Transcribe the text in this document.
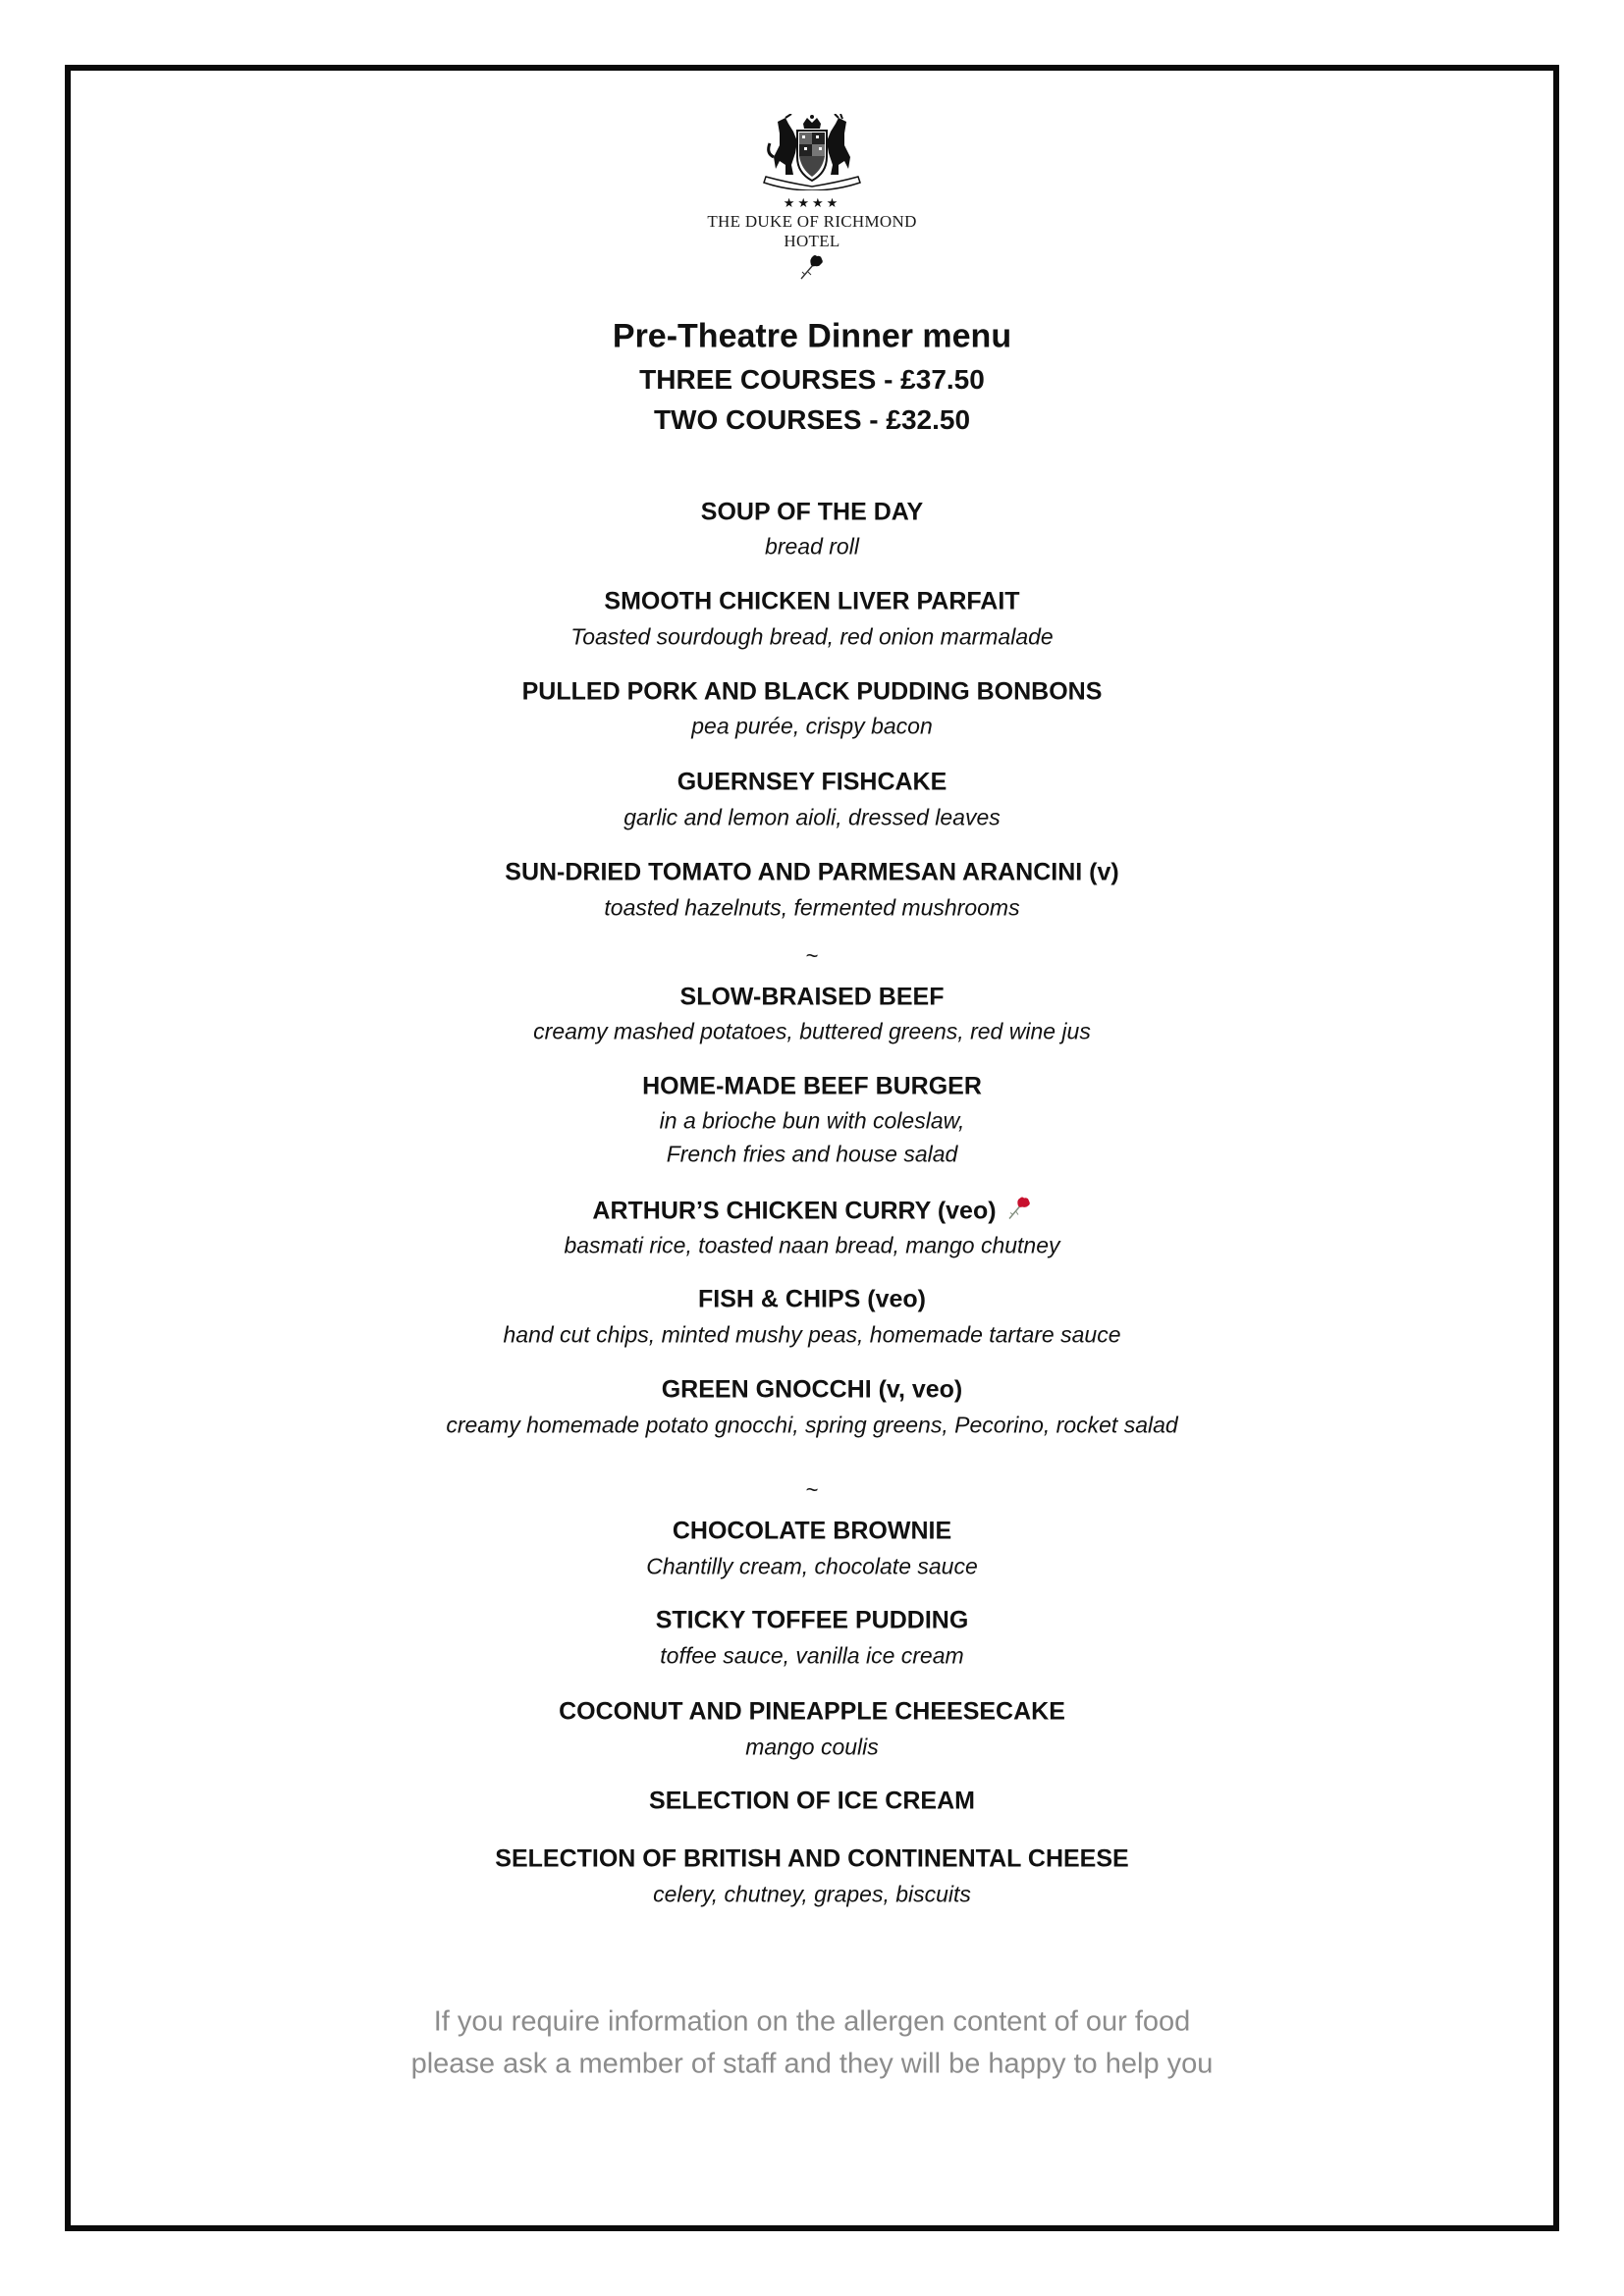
★★★★
THE DUKE OF RICHMOND
HOTEL
Pre-Theatre Dinner menu
THREE COURSES - £37.50
TWO COURSES - £32.50
SOUP OF THE DAY
bread roll
SMOOTH CHICKEN LIVER PARFAIT
Toasted sourdough bread, red onion marmalade
PULLED PORK AND BLACK PUDDING BONBONS
pea purée, crispy bacon
GUERNSEY FISHCAKE
garlic and lemon aioli, dressed leaves
SUN-DRIED TOMATO AND PARMESAN ARANCINI (v)
toasted hazelnuts, fermented mushrooms
~
SLOW-BRAISED BEEF
creamy mashed potatoes, buttered greens, red wine jus
HOME-MADE BEEF BURGER
in a brioche bun with coleslaw,
French fries and house salad
ARTHUR’S CHICKEN CURRY (veo)
basmati rice, toasted naan bread, mango chutney
FISH & CHIPS (veo)
hand cut chips, minted mushy peas, homemade tartare sauce
GREEN GNOCCHI (v, veo)
creamy homemade potato gnocchi, spring greens, Pecorino, rocket salad
~
CHOCOLATE BROWNIE
Chantilly cream, chocolate sauce
STICKY TOFFEE PUDDING
toffee sauce, vanilla ice cream
COCONUT AND PINEAPPLE CHEESECAKE
mango coulis
SELECTION OF ICE CREAM
SELECTION OF BRITISH AND CONTINENTAL CHEESE
celery, chutney, grapes, biscuits
If you require information on the allergen content of our food
please ask a member of staff and they will be happy to help you
